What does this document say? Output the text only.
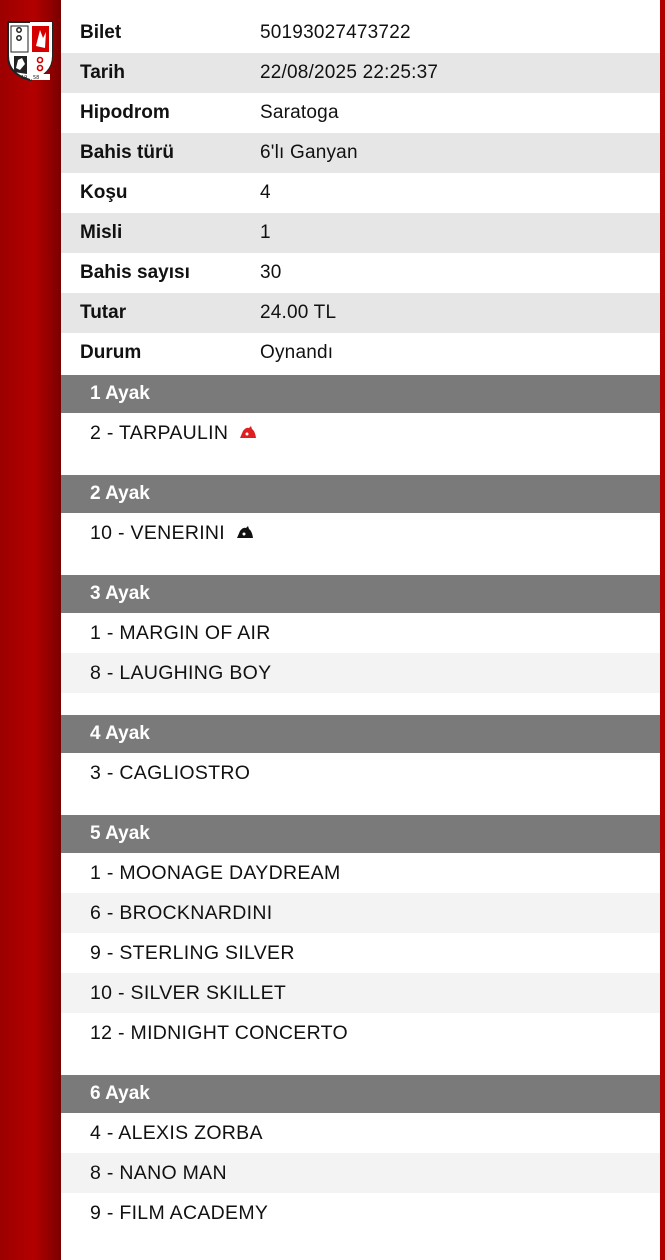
19 58
Bilet	50193027473722
Tarih	22/08/2025 22:25:37
Hipodrom	Saratoga
Bahis türü	6'lı Ganyan
Koşu	4
Misli	1
Bahis sayısı	30
Tutar	24.00 TL
Durum	Oynandı
1 Ayak
2 - TARPAULIN
2 Ayak
10 - VENERINI
3 Ayak
1 - MARGIN OF AIR
8 - LAUGHING BOY
4 Ayak
3 - CAGLIOSTRO
5 Ayak
1 - MOONAGE DAYDREAM
6 - BROCKNARDINI
9 - STERLING SILVER
10 - SILVER SKILLET
12 - MIDNIGHT CONCERTO
6 Ayak
4 - ALEXIS ZORBA
8 - NANO MAN
9 - FILM ACADEMY
